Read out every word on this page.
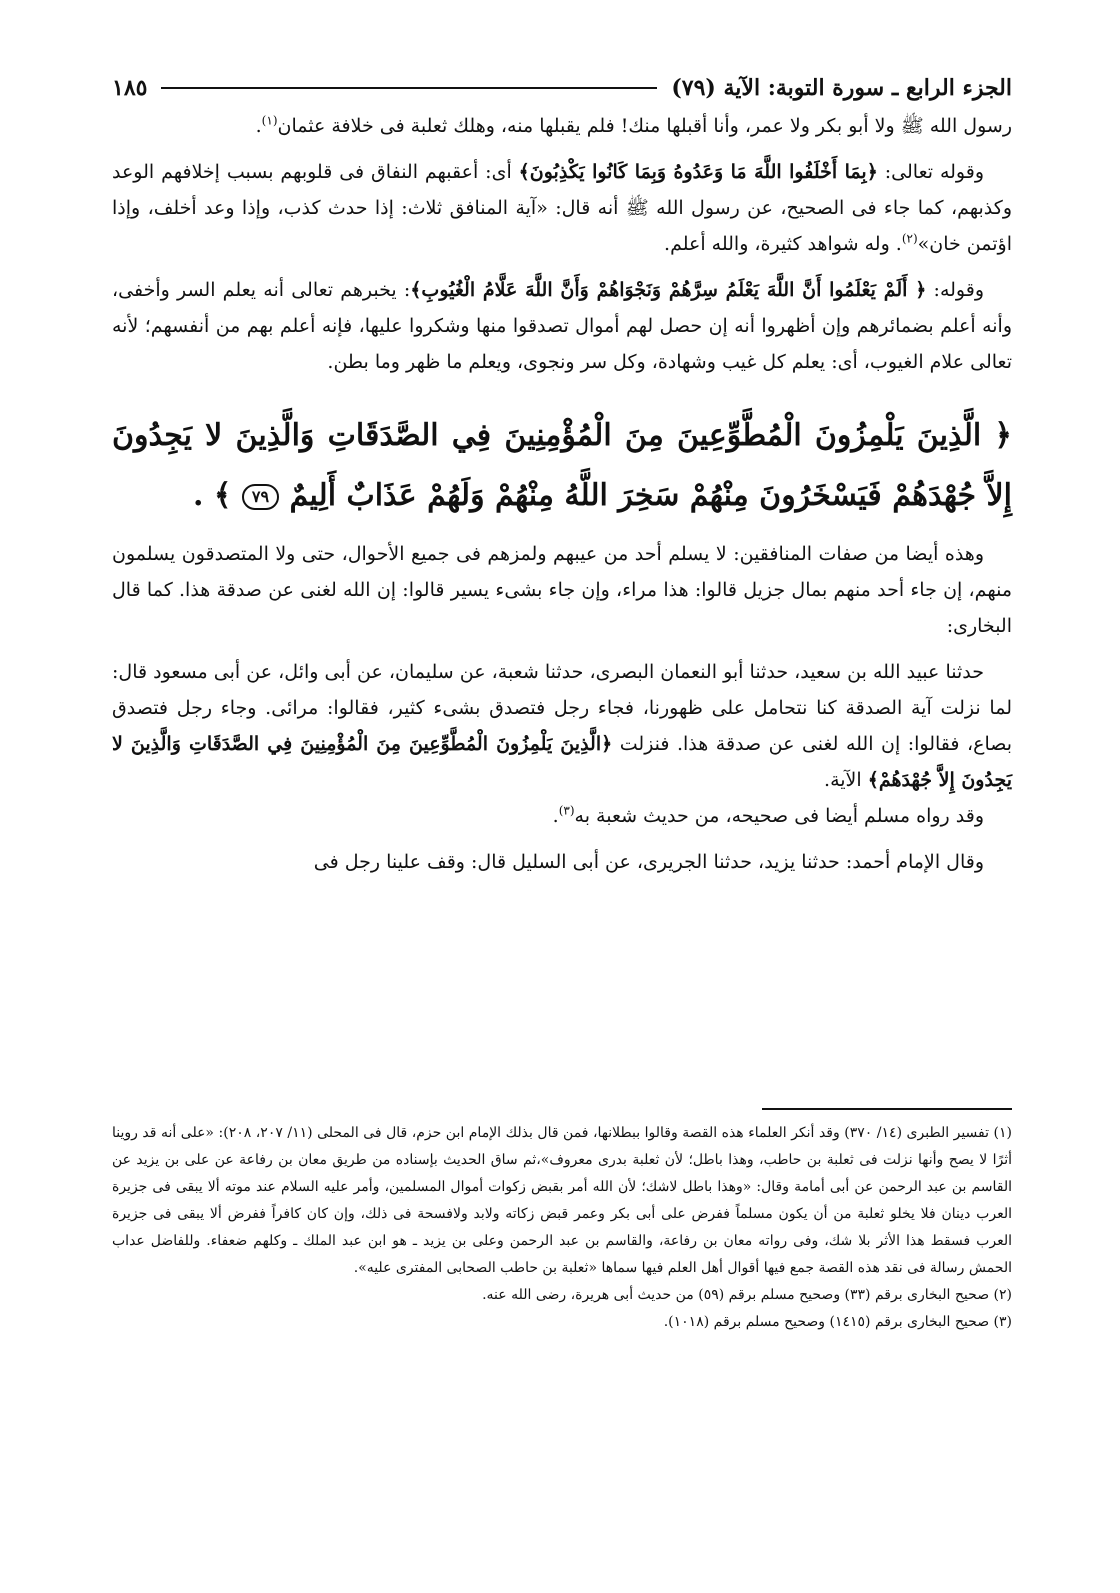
الجزء الرابع ـ سورة التوبة: الآية (٧٩)
١٨٥

رسول الله ﷺ ولا أبو بكر ولا عمر، وأنا أقبلها منك! فلم يقبلها منه، وهلك ثعلبة فى خلافة عثمان$^{(١)}$.

وقوله تعالى: ﴿بِمَا أَخْلَفُوا اللَّهَ مَا وَعَدُوهُ وَبِمَا كَانُوا يَكْذِبُونَ﴾ أى: أعقبهم النفاق فى قلوبهم بسبب إخلافهم الوعد وكذبهم، كما جاء فى الصحيح، عن رسول الله ﷺ أنه قال: «آية المنافق ثلاث: إذا حدث كذب، وإذا وعد أخلف، وإذا اؤتمن خان»$^{(٢)}$. وله شواهد كثيرة، والله أعلم.

وقوله: ﴿ أَلَمْ يَعْلَمُوا أَنَّ اللَّهَ يَعْلَمُ سِرَّهُمْ وَنَجْوَاهُمْ وَأَنَّ اللَّهَ عَلَّامُ الْغُيُوبِ﴾: يخبرهم تعالى أنه يعلم السر وأخفى، وأنه أعلم بضمائرهم وإن أظهروا أنه إن حصل لهم أموال تصدقوا منها وشكروا عليها، فإنه أعلم بهم من أنفسهم؛ لأنه تعالى علام الغيوب، أى: يعلم كل غيب وشهادة، وكل سر ونجوى، ويعلم ما ظهر وما بطن.

﴿ الَّذِينَ يَلْمِزُونَ الْمُطَّوِّعِينَ مِنَ الْمُؤْمِنِينَ فِي الصَّدَقَاتِ وَالَّذِينَ لا يَجِدُونَ إِلاَّ جُهْدَهُمْ فَيَسْخَرُونَ مِنْهُمْ سَخِرَ اللَّهُ مِنْهُمْ وَلَهُمْ عَذَابٌ أَلِيمٌ ٧٩ ﴾ .

وهذه أيضا من صفات المنافقين: لا يسلم أحد من عيبهم ولمزهم فى جميع الأحوال، حتى ولا المتصدقون يسلمون منهم، إن جاء أحد منهم بمال جزيل قالوا: هذا مراء، وإن جاء بشىء يسير قالوا: إن الله لغنى عن صدقة هذا. كما قال البخارى:

حدثنا عبيد الله بن سعيد، حدثنا أبو النعمان البصرى، حدثنا شعبة، عن سليمان، عن أبى وائل، عن أبى مسعود قال: لما نزلت آية الصدقة كنا نتحامل على ظهورنا، فجاء رجل فتصدق بشىء كثير، فقالوا: مرائى. وجاء رجل فتصدق بصاع، فقالوا: إن الله لغنى عن صدقة هذا. فنزلت ﴿الَّذِينَ يَلْمِزُونَ الْمُطَّوِّعِينَ مِنَ الْمُؤْمِنِينَ فِي الصَّدَقَاتِ وَالَّذِينَ لا يَجِدُونَ إِلاَّ جُهْدَهُمْ﴾ الآية.

وقد رواه مسلم أيضا فى صحيحه، من حديث شعبة به$^{(٣)}$.

وقال الإمام أحمد: حدثنا يزيد، حدثنا الجريرى، عن أبى السليل قال: وقف علينا رجل فى

(١) تفسير الطبرى (١٤/ ٣٧٠) وقد أنكر العلماء هذه القصة وقالوا ببطلانها، فمن قال بذلك الإمام ابن حزم، قال فى المحلى (١١/ ٢٠٧، ٢٠٨): «على أنه قد روينا أثرًا لا يصح وأنها نزلت فى ثعلبة بن حاطب، وهذا باطل؛ لأن ثعلبة بدرى معروف»،ثم ساق الحديث بإسناده من طريق معان بن رفاعة عن على بن يزيد عن القاسم بن عبد الرحمن عن أبى أمامة وقال: «وهذا باطل لاشك؛ لأن الله أمر بقبض زكوات أموال المسلمين، وأمر عليه السلام عند موته ألا يبقى فى جزيرة العرب دينان فلا يخلو ثعلبة من أن يكون مسلماً ففرض على أبى بكر وعمر قبض زكاته ولابد ولافسحة فى ذلك، وإن كان كافراً ففرض ألا يبقى فى جزيرة العرب فسقط هذا الأثر بلا شك، وفى رواته معان بن رفاعة، والقاسم بن عبد الرحمن وعلى بن يزيد ـ هو ابن عبد الملك ـ وكلهم ضعفاء. وللفاضل عداب الحمش رسالة فى نقد هذه القصة جمع فيها أقوال أهل العلم فيها سماها «ثعلبة بن حاطب الصحابى المفترى عليه».

(٢) صحيح البخارى برقم (٣٣) وصحيح مسلم برقم (٥٩) من حديث أبى هريرة، رضى الله عنه.

(٣) صحيح البخارى برقم (١٤١٥) وصحيح مسلم برقم (١٠١٨).
